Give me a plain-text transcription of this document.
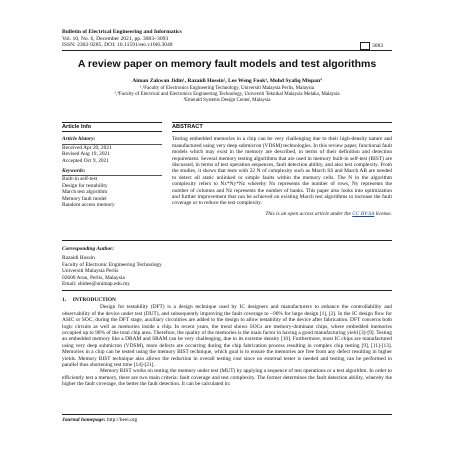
Bulletin of Electrical Engineering and Informatics
Vol. 10, No. 6, December 2021, pp. 3083~3093
ISSN: 2302-9285, DOI: 10.11591/eei.v10i6.3048	3083
A review paper on memory fault models and test algorithms
Aiman Zakwan Jidin¹, Razaidi Hussin², Lee Weng Fook³, Mohd Syafiq Mispan⁴
¹,²Faculty of Electronics Engineering Technology, Universiti Malaysia Perlis, Malaysia
¹,⁴Faculty of Electrical and Electronics Engineering Technology, Universiti Teknikal Malaysia Melaka, Malaysia
³Emerald Systems Design Center, Malaysia
Article Info
Article history:
Received Apr 20, 2021
Revised Aug 19, 2021
Accepted Oct 9, 2021
Keywords:
Built-in self-test
Design for testability
March test algorithm
Memory fault model
Random access memory
ABSTRACT
Testing embedded memories in a chip can be very challenging due to their high-density nature and manufactured using very deep submicron (VDSM) technologies. In this review paper, functional fault models which may exist in the memory are described, in terms of their definition and detection requirement. Several memory testing algorithms that are used in memory built-in self-test (BIST) are discussed, in terms of test operation sequences, fault detection ability, and also test complexity. From the studies, it shows that tests with 22 N of complexity such as March SS and March AB are needed to detect all static unlinked or simple faults within the memory cells. The N in the algorithm complexity refers to Nx*Ny*Nz whereby Nx represents the number of rows, Ny represents the number of columns and Nz represents the number of banks. This paper also looks into optimization and further improvement that can be achieved on existing March test algorithms to increase the fault coverage or to reduce the test complexity.
This is an open access article under the CC BY-SA license.
Corresponding Author:
Razaidi Hussin
Faculty of Electronic Engineering Technology
Universiti Malaysia Perlis
02600 Arau, Perlis, Malaysia
Email: shidee@unimap.edu.my
1.     INTRODUCTION

Design for testability (DFT) is a design technique used by IC designers and manufacturers to enhance the controllability and observability of the device under test (DUT), and subsequently improving the fault coverage to ~90% for large design [1], [2]. In the IC design flow for ASIC or SOC, during the DFT stage, auxiliary circuitries are added to the design to allow testability of the device after fabrication. DFT concerns both logic circuits as well as memories inside a chip. In recent years, the trend shows SOCs are memory-dominant chips, where embedded memories occupied up to 90% of the total chip area. Therefore, the quality of the memories is the main factor in having a good manufacturing yield [3]-[9]. Testing an embedded memory like a DRAM and SRAM can be very challenging, due to its extreme density [10]. Furthermore, most IC chips are manufactured using very deep submicron (VDSM), more defects are occurring during the chip fabrication process resulting in complex chip testing [9], [11]-[13]. Memories in a chip can be tested using the memory BIST technique, which goal is to ensure the memories are free from any defect resulting in higher yields. Memory BIST technique also allows the reduction in overall testing cost since no external tester is needed and testing can be performed in parallel thus shortening test time [14]-[21].

Memory BIST works on testing the memory under test (MUT) by applying a sequence of test operations or a test algorithm. In order to efficiently test a memory, there are two main criteria: fault coverage and test complexity. The former determines the fault detection ability, whereby the higher the fault coverage, the better the fault detection. It can be calculated in:

Journal homepage: http://beei.org
